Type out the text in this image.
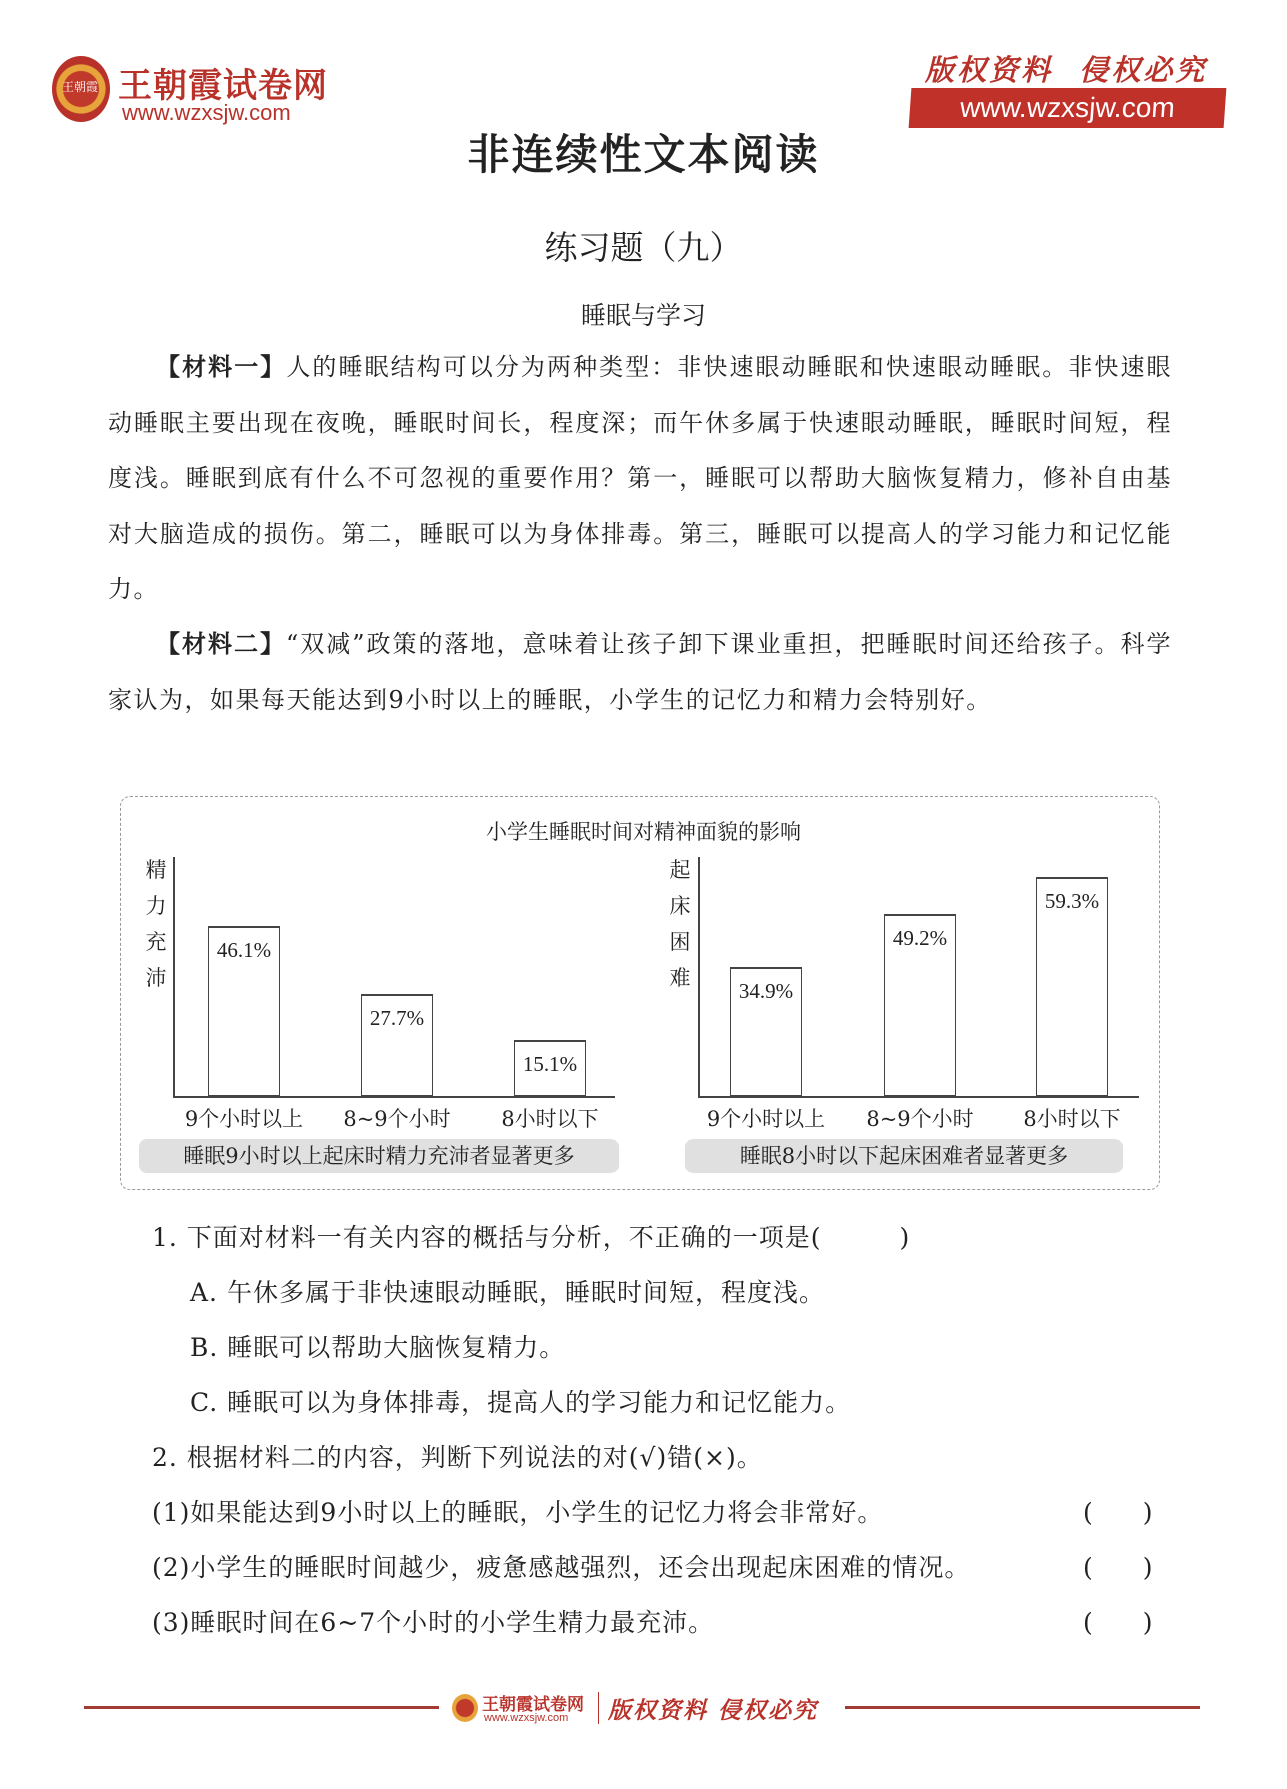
王朝霞 王朝霞试卷网
www.wzxsjw.com
版权资料  侵权必究
www.wzxsjw.com
非连续性文本阅读
练习题（九）
睡眠与学习
【材料一】人的睡眠结构可以分为两种类型：非快速眼动睡眠和快速眼动睡眠。非快速眼动睡眠主要出现在夜晚，睡眠时间长，程度深；而午休多属于快速眼动睡眠，睡眠时间短，程度浅。睡眠到底有什么不可忽视的重要作用？第一，睡眠可以帮助大脑恢复精力，修补自由基对大脑造成的损伤。第二，睡眠可以为身体排毒。第三，睡眠可以提高人的学习能力和记忆能力。
【材料二】“双减”政策的落地，意味着让孩子卸下课业重担，把睡眠时间还给孩子。科学家认为，如果每天能达到9小时以上的睡眠，小学生的记忆力和精力会特别好。
小学生睡眠时间对精神面貌的影响
精力充沛
46.1%
9个小时以上
27.7%
8~9个小时
15.1%
8小时以下
睡眠9小时以上起床时精力充沛者显著更多
起床困难
34.9%
9个小时以上
49.2%
8~9个小时
59.3%
8小时以下
睡眠8小时以下起床困难者显著更多
1. 下面对材料一有关内容的概括与分析，不正确的一项是(　　　)
A. 午休多属于非快速眼动睡眠，睡眠时间短，程度浅。
B. 睡眠可以帮助大脑恢复精力。
C. 睡眠可以为身体排毒，提高人的学习能力和记忆能力。
2. 根据材料二的内容，判断下列说法的对(√)错(×)。
(1)如果能达到9小时以上的睡眠，小学生的记忆力将会非常好。	(　　)
(2)小学生的睡眠时间越少，疲惫感越强烈，还会出现起床困难的情况。	(　　)
(3)睡眠时间在6~7个小时的小学生精力最充沛。	(　　)
王朝霞试卷网
www.wzxsjw.com 版权资料 侵权必究
